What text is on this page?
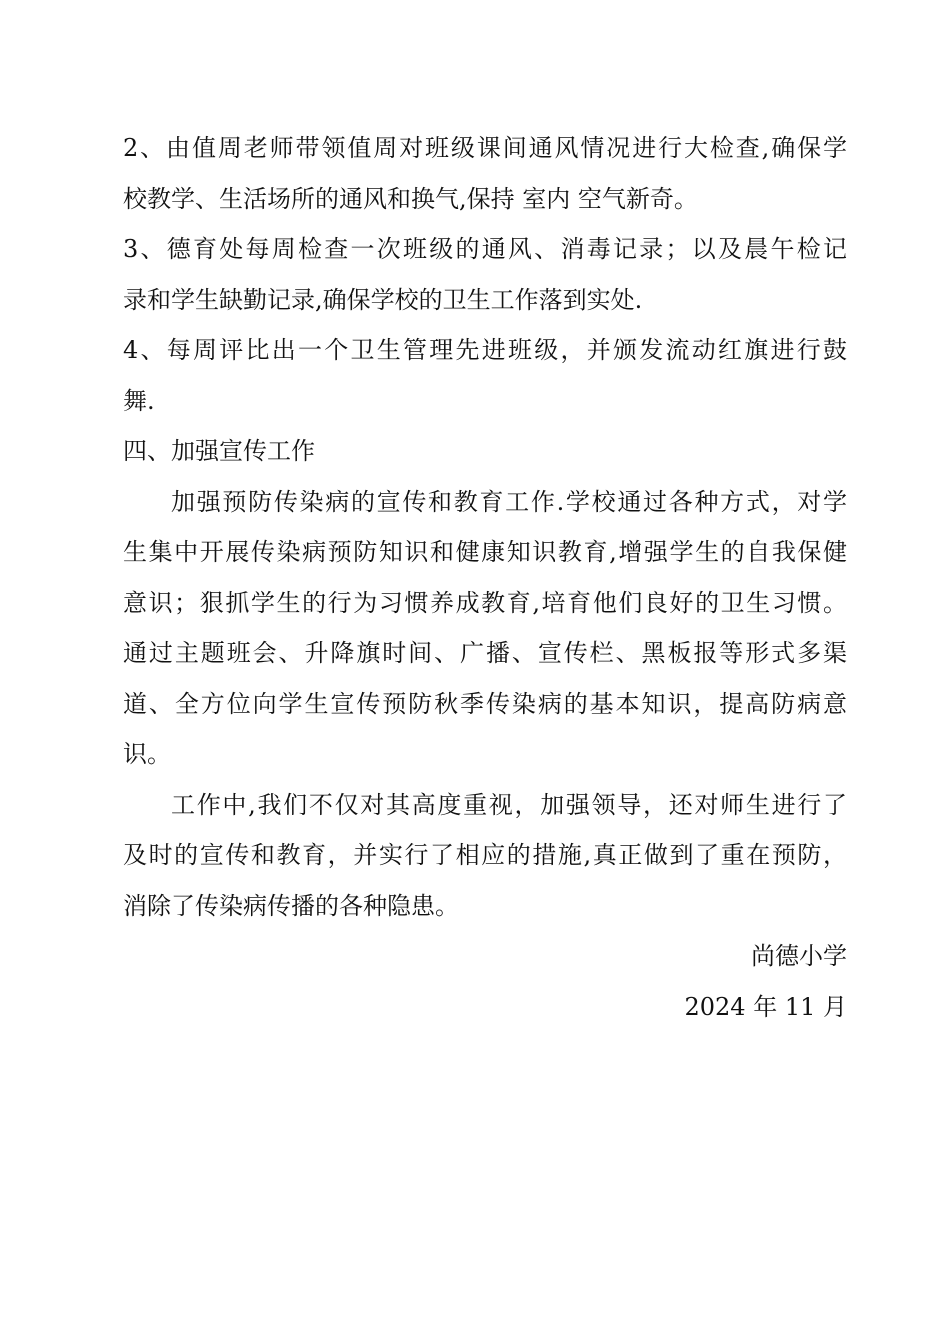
2、由值周老师带领值周对班级课间通风情况进行大检查,确保学
校教学、生活场所的通风和换气,保持 室内 空气新奇。
3、德育处每周检查一次班级的通风、消毒记录；以及晨午检记
录和学生缺勤记录,确保学校的卫生工作落到实处.
4、每周评比出一个卫生管理先进班级，并颁发流动红旗进行鼓
舞.
四、加强宣传工作
加强预防传染病的宣传和教育工作.学校通过各种方式，对学
生集中开展传染病预防知识和健康知识教育,增强学生的自我保健
意识；狠抓学生的行为习惯养成教育,培育他们良好的卫生习惯。
通过主题班会、升降旗时间、广播、宣传栏、黑板报等形式多渠
道、全方位向学生宣传预防秋季传染病的基本知识，提高防病意
识。
工作中,我们不仅对其高度重视，加强领导，还对师生进行了
及时的宣传和教育，并实行了相应的措施,真正做到了重在预防，
消除了传染病传播的各种隐患。
尚德小学
2024 年 11 月
